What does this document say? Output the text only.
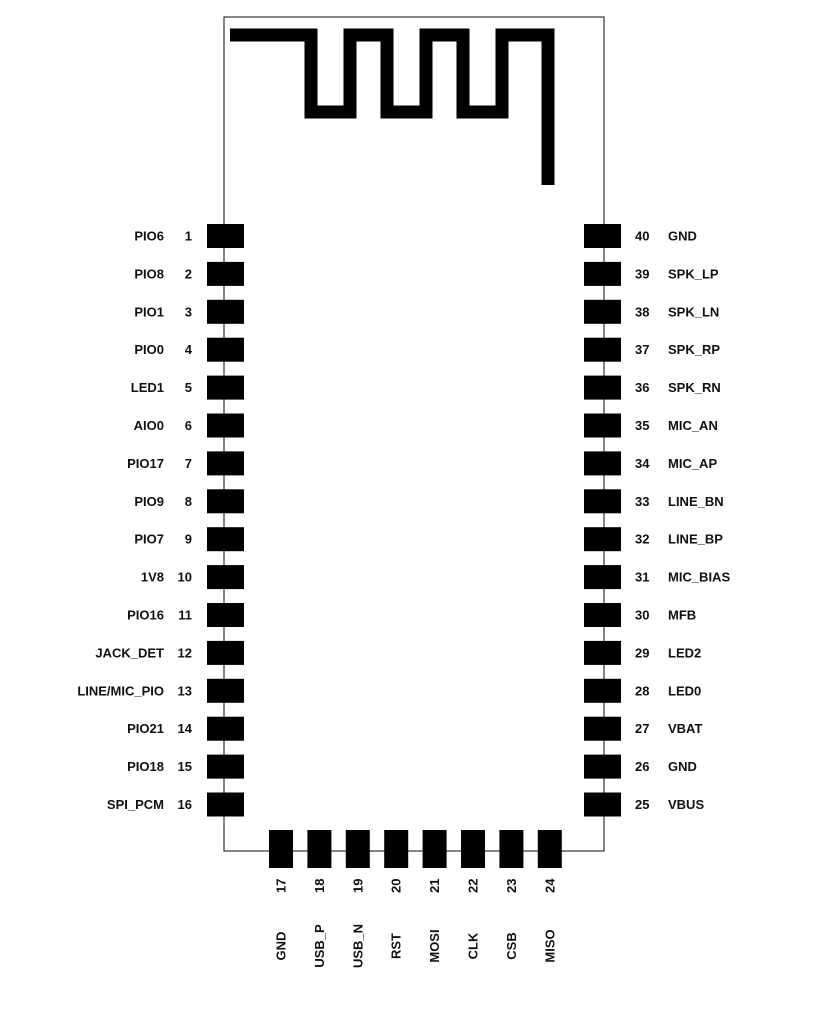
1
PIO6
2
PIO8
3
PIO1
4
PIO0
5
LED1
6
AIO0
7
PIO17
8
PIO9
9
PIO7
10
1V8
11
PIO16
12
JACK_DET
13
LINE/MIC_PIO
14
PIO21
15
PIO18
16
SPI_PCM
40 GND
39 SPK_LP
38 SPK_LN
37 SPK_RP
36 SPK_RN
35 MIC_AN
34 MIC_AP
33 LINE_BN
32 LINE_BP
31 MIC_BIAS
30 MFB
29 LED2
28 LED0
27 VBAT
26 GND
25 VBUS
17
GND
18
USB_P
19
USB_N
20
RST
21
MOSI
22
CLK
23
CSB
24
MISO
